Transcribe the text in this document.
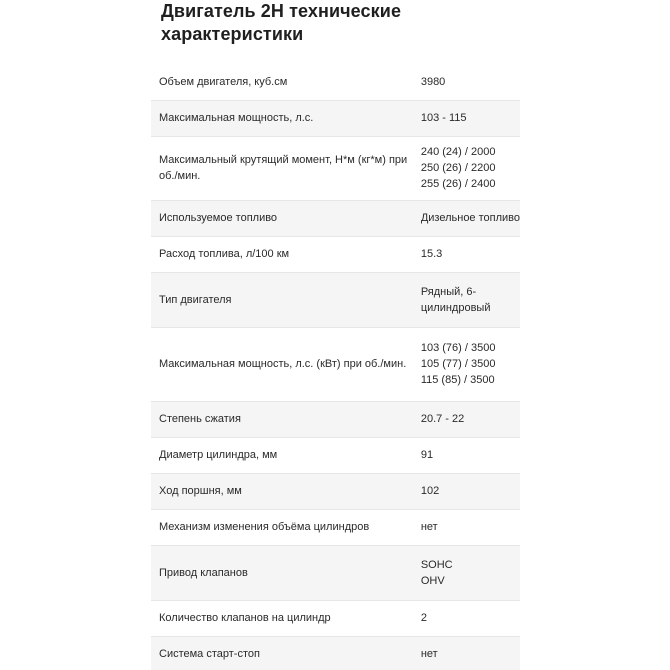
Двигатель 2H технические характеристики
Объем двигателя, куб.см	3980

Максимальная мощность, л.с.	103 - 115

Максимальный крутящий момент, Н*м (кг*м) при об./мин.	240 (24) / 2000
250 (26) / 2200
255 (26) / 2400

Используемое топливо	Дизельное топливо

Расход топлива, л/100 км	15.3

Тип двигателя	Рядный, 6-
цилиндровый

Максимальная мощность, л.с. (кВт) при об./мин.	103 (76) / 3500
105 (77) / 3500
115 (85) / 3500

Степень сжатия	20.7 - 22

Диаметр цилиндра, мм	91

Ход поршня, мм	102

Механизм изменения объёма цилиндров	нет

Привод клапанов	SOHC
OHV

Количество клапанов на цилиндр	2

Система старт-стоп	нет
